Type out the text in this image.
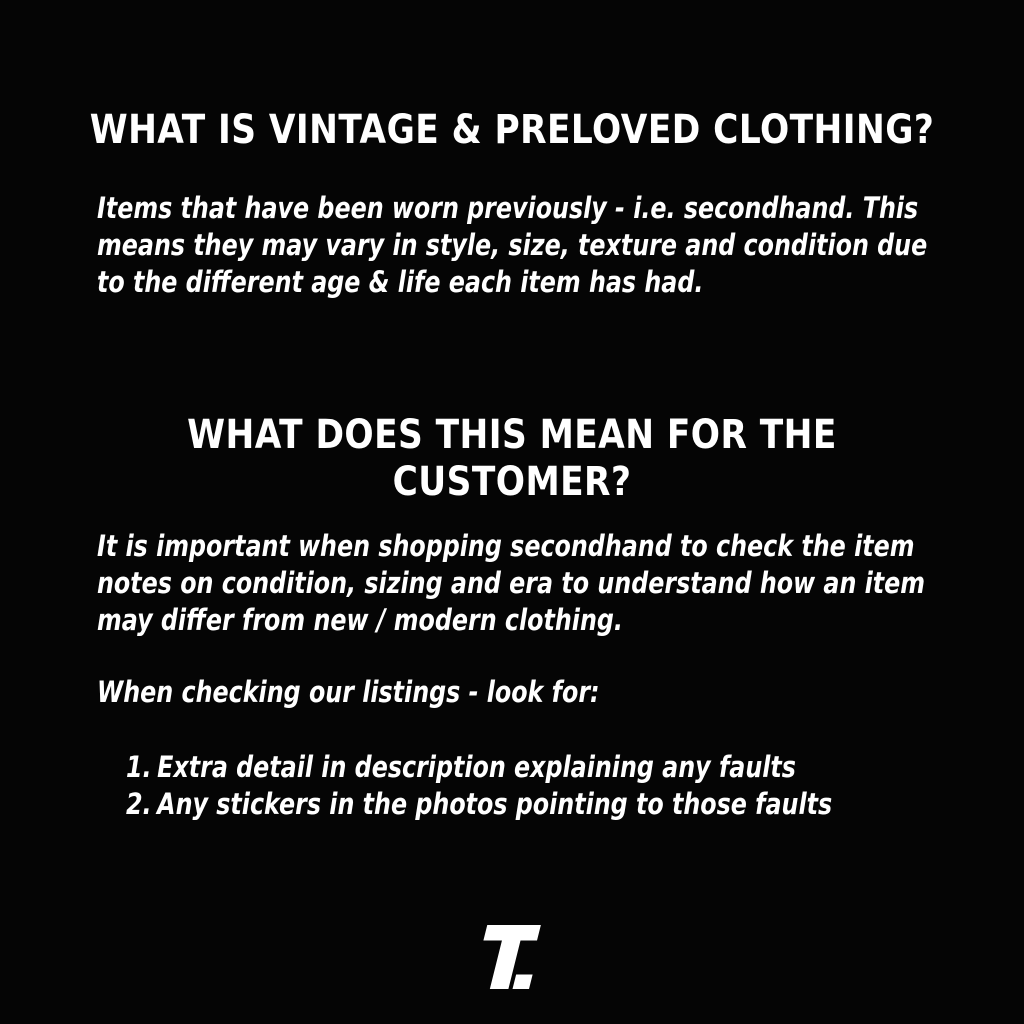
WHAT IS VINTAGE & PRELOVED CLOTHING?
Items that have been worn previously - i.e. secondhand. This
means they may vary in style, size, texture and condition due
to the different age & life each item has had.
WHAT DOES THIS MEAN FOR THE
CUSTOMER?
It is important when shopping secondhand to check the item
notes on condition, sizing and era to understand how an item
may differ from new / modern clothing.
When checking our listings - look for:
1. Extra detail in description explaining any faults
2. Any stickers in the photos pointing to those faults
